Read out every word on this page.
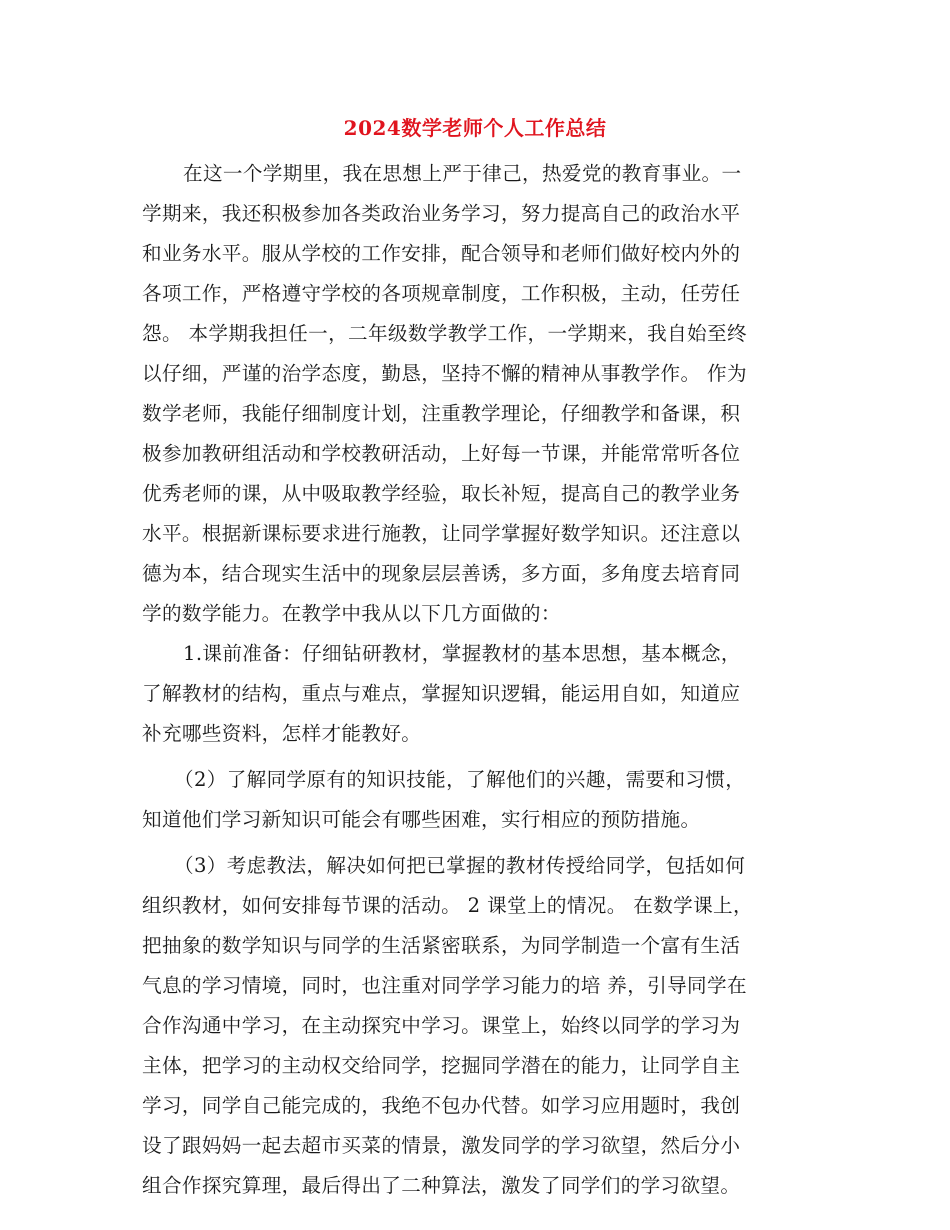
2024数学老师个人工作总结
在这一个学期里，我在思想上严于律己，热爱党的教育事业。一
学期来，我还积极参加各类政治业务学习，努力提高自己的政治水平
和业务水平。服从学校的工作安排，配合领导和老师们做好校内外的
各项工作，严格遵守学校的各项规章制度，工作积极，主动，任劳任
怨。 本学期我担任一，二年级数学教学工作，一学期来，我自始至终
以仔细，严谨的治学态度，勤恳，坚持不懈的精神从事教学作。 作为
数学老师，我能仔细制度计划，注重教学理论，仔细教学和备课，积
极参加教研组活动和学校教研活动，上好每一节课，并能常常听各位
优秀老师的课，从中吸取教学经验，取长补短，提高自己的教学业务
水平。根据新课标要求进行施教，让同学掌握好数学知识。还注意以
德为本，结合现实生活中的现象层层善诱，多方面，多角度去培育同
学的数学能力。在教学中我从以下几方面做的：
1.课前准备：仔细钻研教材，掌握教材的基本思想，基本概念，
了解教材的结构，重点与难点，掌握知识逻辑，能运用自如，知道应
补充哪些资料，怎样才能教好。
（2）了解同学原有的知识技能，了解他们的兴趣，需要和习惯，
知道他们学习新知识可能会有哪些困难，实行相应的预防措施。
（3）考虑教法，解决如何把已掌握的教材传授给同学，包括如何
组织教材，如何安排每节课的活动。 2 课堂上的情况。 在数学课上，
把抽象的数学知识与同学的生活紧密联系，为同学制造一个富有生活
气息的学习情境，同时，也注重对同学学习能力的培 养，引导同学在
合作沟通中学习，在主动探究中学习。课堂上，始终以同学的学习为
主体，把学习的主动权交给同学，挖掘同学潜在的能力，让同学自主
学习，同学自己能完成的，我绝不包办代替。如学习应用题时，我创
设了跟妈妈一起去超市买菜的情景，激发同学的学习欲望，然后分小
组合作探究算理，最后得出了二种算法，激发了同学们的学习欲望。
